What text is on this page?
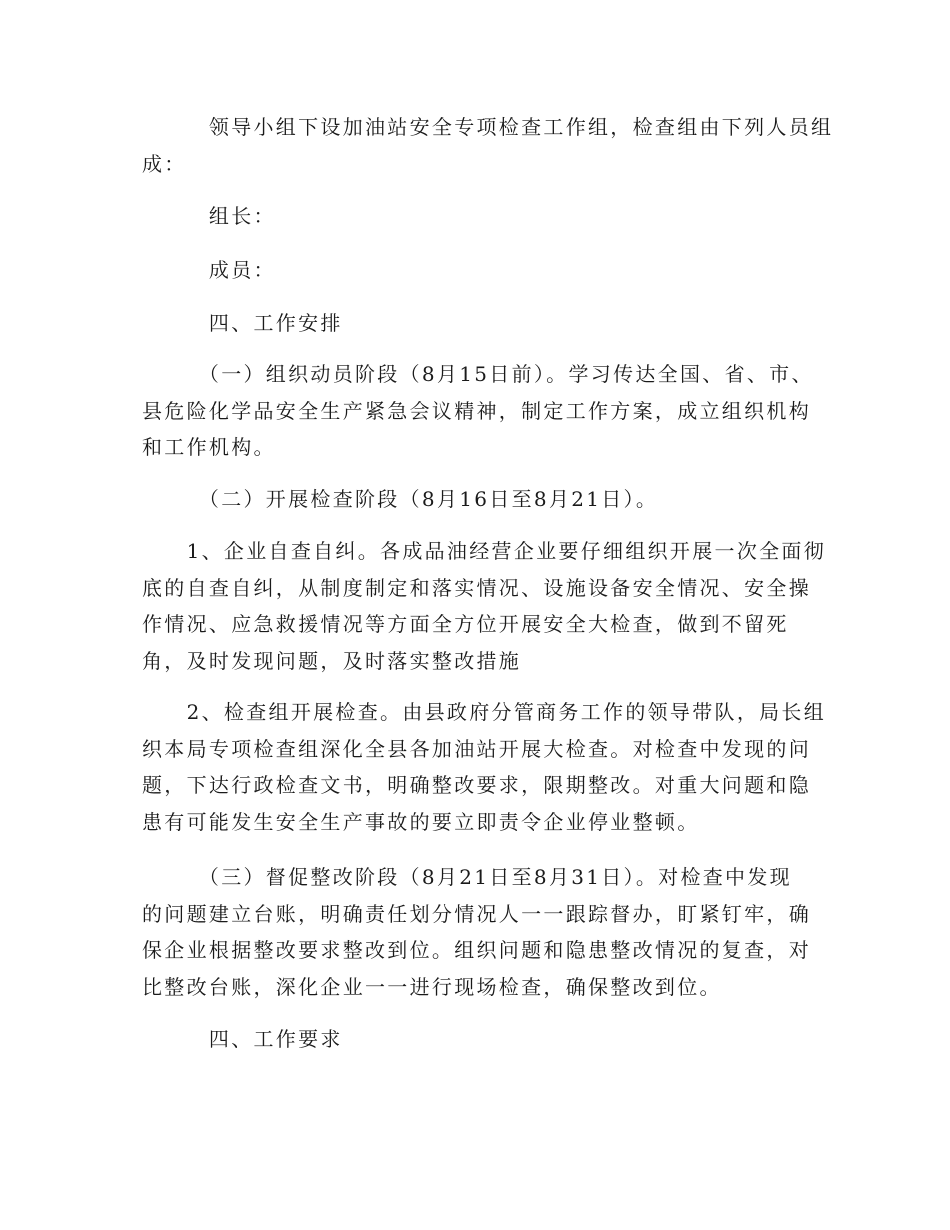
　　　领导小组下设加油站安全专项检查工作组，检查组由下列人员组
成：

　　　组长：

　　　成员：

　　　四、工作安排

　　　（一）组织动员阶段（8月15日前）。学习传达全国、省、市、
县危险化学品安全生产紧急会议精神，制定工作方案，成立组织机构
和工作机构。

　　　（二）开展检查阶段（8月16日至8月21日）。

　　1、企业自查自纠。各成品油经营企业要仔细组织开展一次全面彻
底的自查自纠，从制度制定和落实情况、设施设备安全情况、安全操
作情况、应急救援情况等方面全方位开展安全大检查，做到不留死
角，及时发现问题，及时落实整改措施

　　2、检查组开展检查。由县政府分管商务工作的领导带队，局长组
织本局专项检查组深化全县各加油站开展大检查。对检查中发现的问
题，下达行政检查文书，明确整改要求，限期整改。对重大问题和隐
患有可能发生安全生产事故的要立即责令企业停业整顿。

　　　（三）督促整改阶段（8月21日至8月31日）。对检查中发现
的问题建立台账，明确责任划分情况人一一跟踪督办，盯紧钉牢，确
保企业根据整改要求整改到位。组织问题和隐患整改情况的复查，对
比整改台账，深化企业一一进行现场检查，确保整改到位。

　　　四、工作要求
